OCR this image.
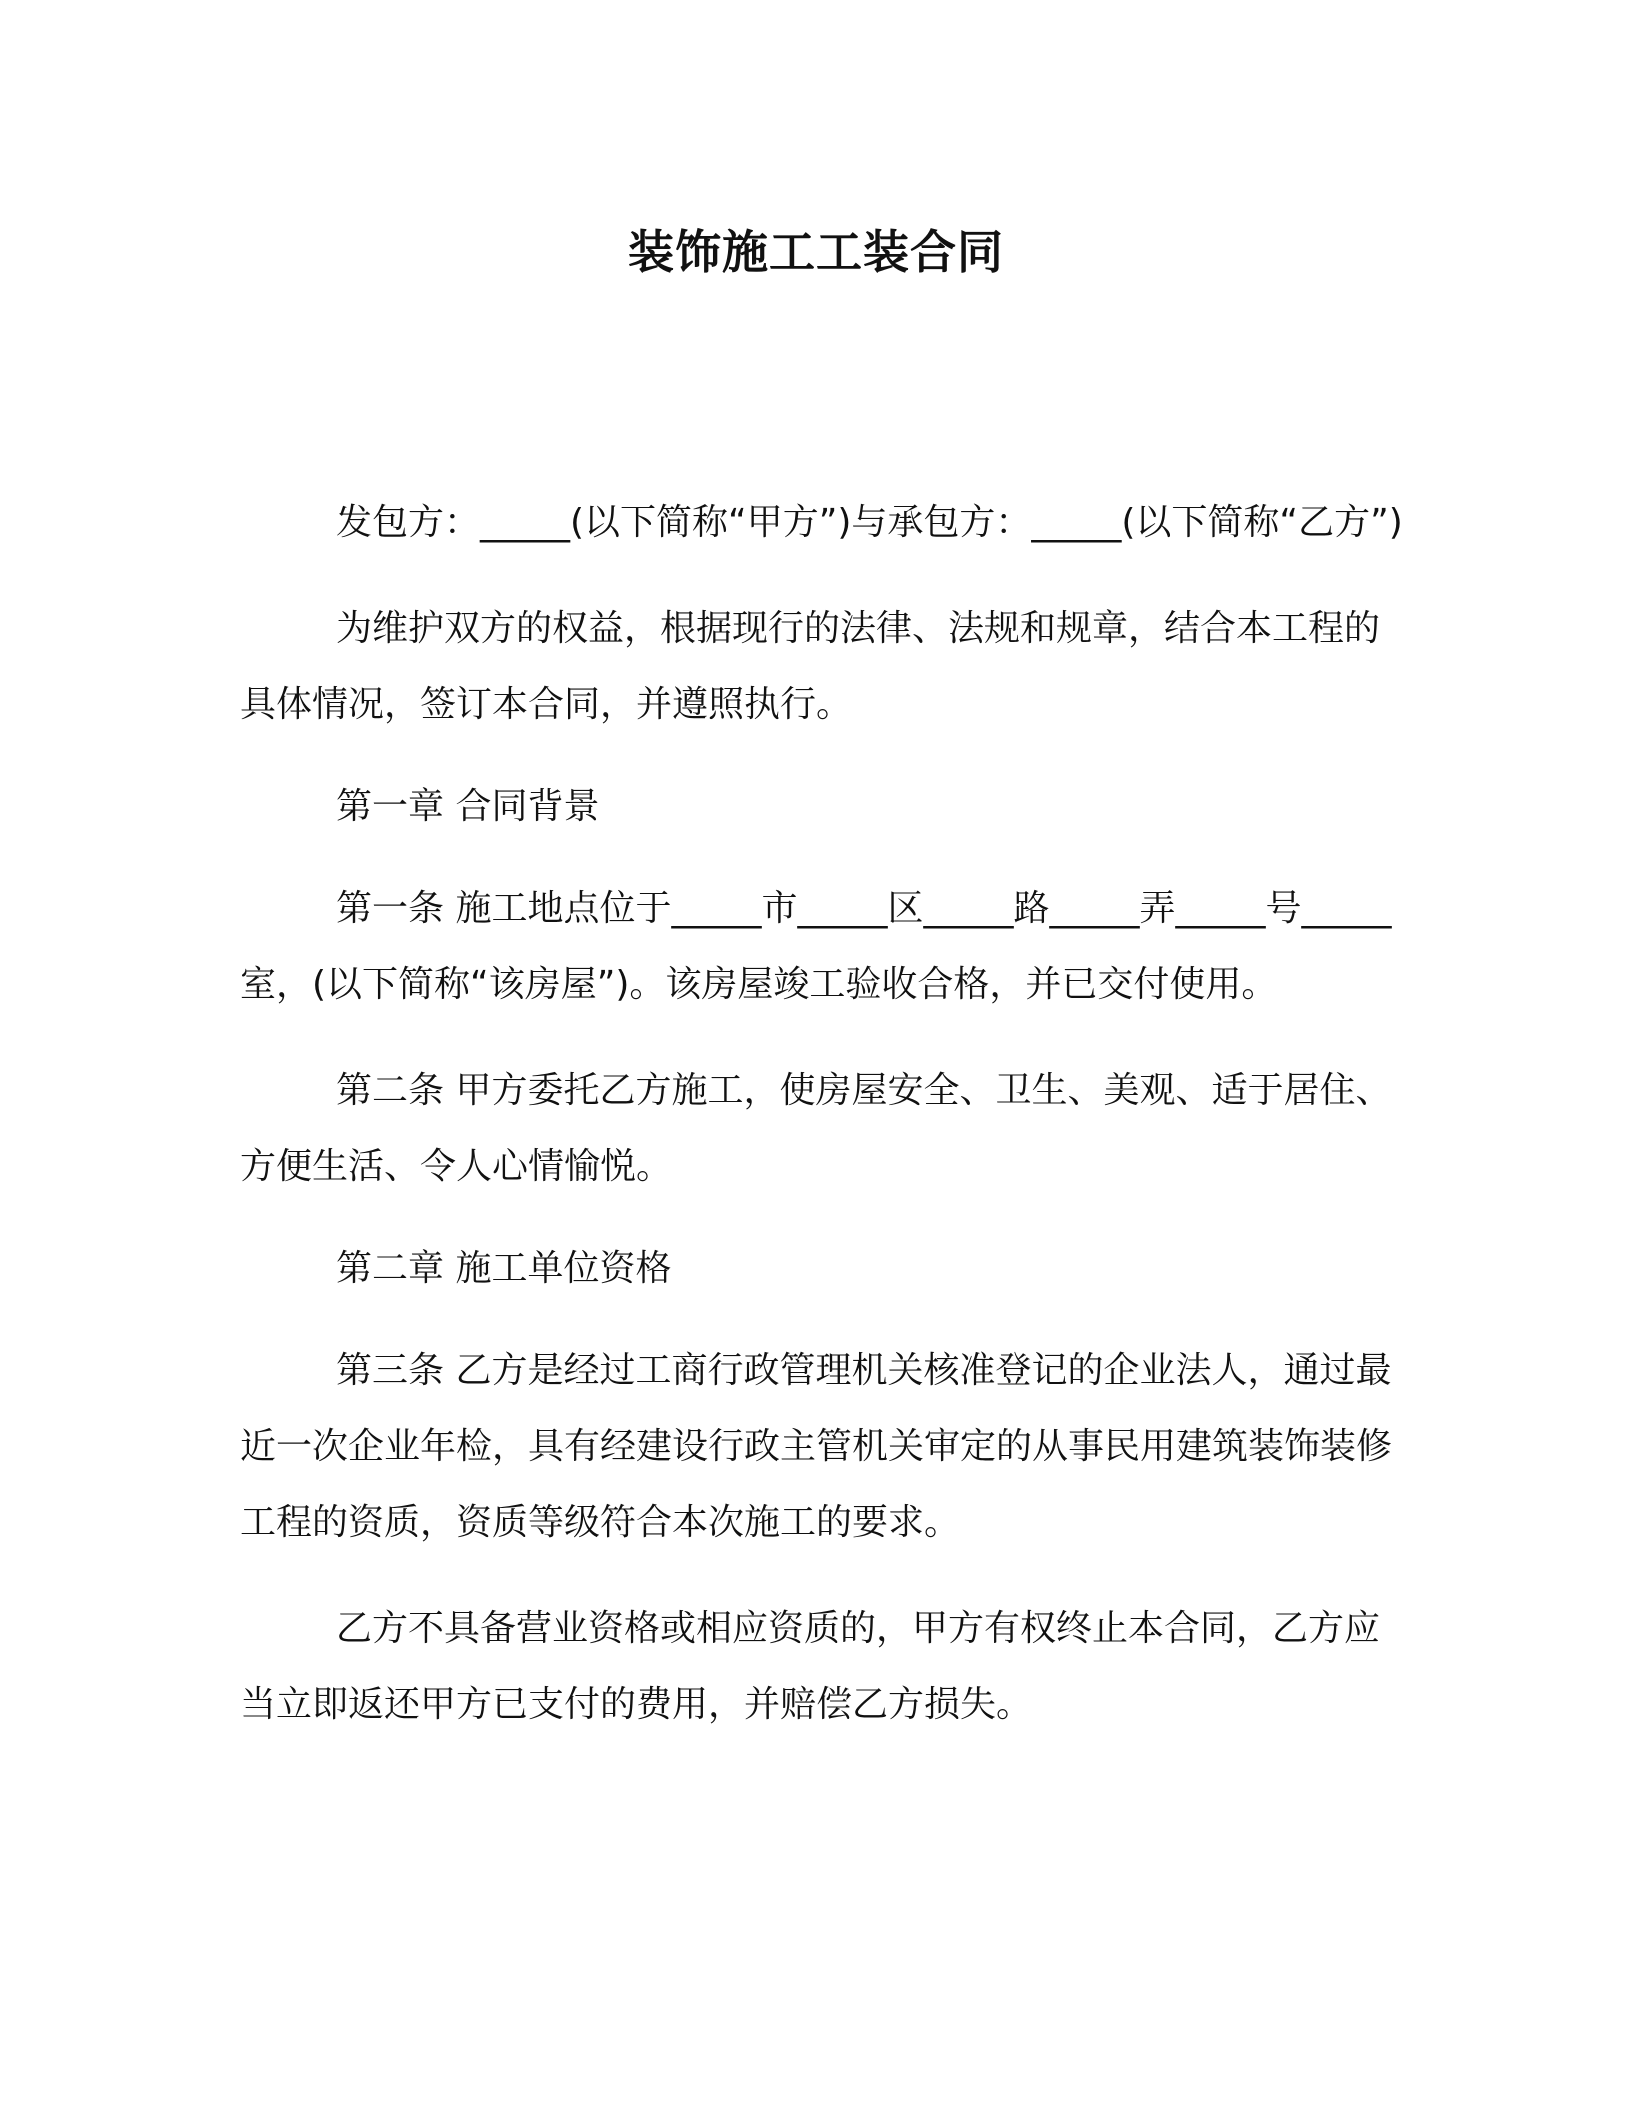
装饰施工工装合同

发包方：_____(以下简称“甲方”)与承包方：_____(以下简称“乙方”)

为维护双方的权益，根据现行的法律、法规和规章，结合本工程的具体情况，签订本合同，并遵照执行。

第一章 合同背景

第一条 施工地点位于_____市_____区_____路_____弄_____号_____室，(以下简称“该房屋”)。该房屋竣工验收合格，并已交付使用。

第二条 甲方委托乙方施工，使房屋安全、卫生、美观、适于居住、方便生活、令人心情愉悦。

第二章 施工单位资格

第三条 乙方是经过工商行政管理机关核准登记的企业法人，通过最近一次企业年检，具有经建设行政主管机关审定的从事民用建筑装饰装修工程的资质，资质等级符合本次施工的要求。

乙方不具备营业资格或相应资质的，甲方有权终止本合同，乙方应当立即返还甲方已支付的费用，并赔偿乙方损失。
